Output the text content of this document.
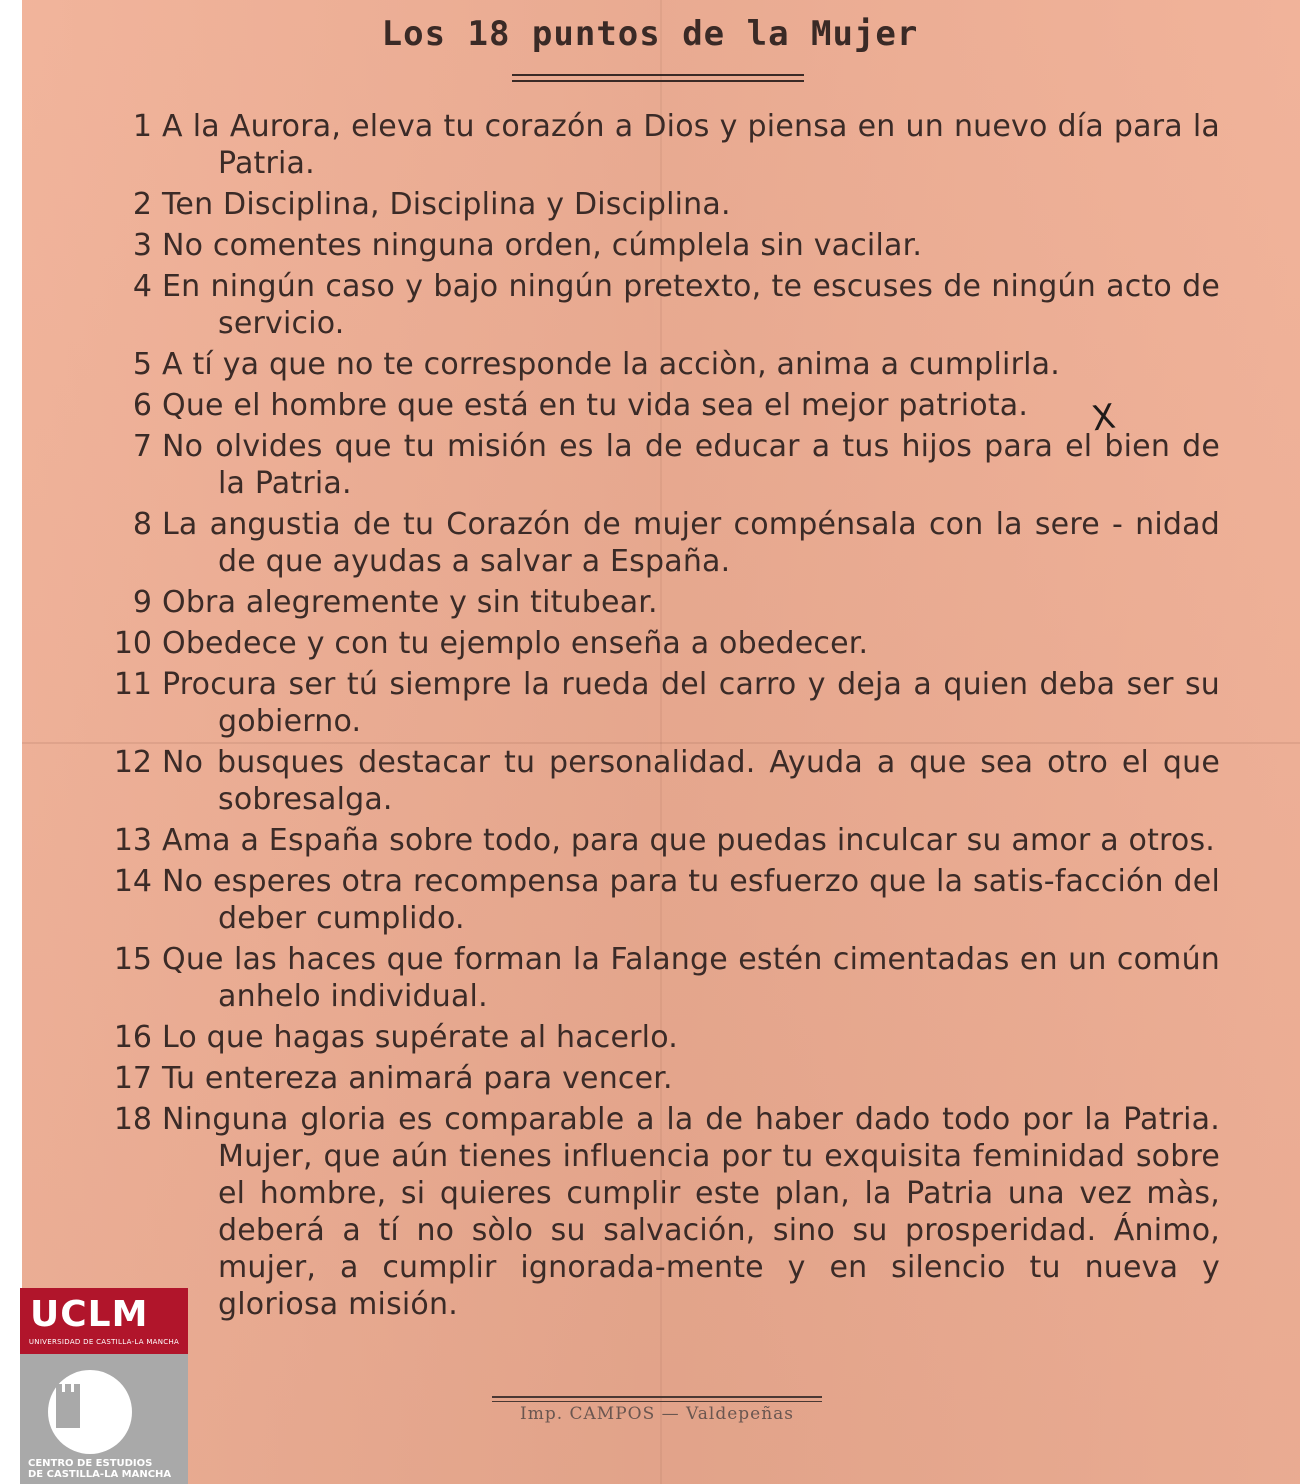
Los 18 puntos de la Mujer
1 A la Aurora, eleva tu corazón a Dios y piensa en un nuevo día para la Patria.
2 Ten Disciplina, Disciplina y Disciplina.
3 No comentes ninguna orden, cúmplela sin vacilar.
4 En ningún caso y bajo ningún pretexto, te escuses de ningún acto de servicio.
5 A tí ya que no te corresponde la acciòn, anima a cumplirla.
6 Que el hombre que está en tu vida sea el mejor patriota.
7 No olvides que tu misión es la de educar a tus hijos para el bien de la Patria.
8 La angustia de tu Corazón de mujer compénsala con la sere - nidad de que ayudas a salvar a España.
9 Obra alegremente y sin titubear.
10 Obedece y con tu ejemplo enseña a obedecer.
11 Procura ser tú siempre la rueda del carro y deja a quien deba ser su gobierno.
12 No busques destacar tu personalidad. Ayuda a que sea otro el que sobresalga.
13 Ama a España sobre todo, para que puedas inculcar su amor a otros.
14 No esperes otra recompensa para tu esfuerzo que la satis-facción del deber cumplido.
15 Que las haces que forman la Falange estén cimentadas en un común anhelo individual.
16 Lo que hagas supérate al hacerlo.
17 Tu entereza animará para vencer.
18 Ninguna gloria es comparable a la de haber dado todo por la Patria. Mujer, que aún tienes influencia por tu exquisita feminidad sobre el hombre, si quieres cumplir este plan, la Patria una vez màs, deberá a tí no sòlo su salvación, sino su prosperidad. Ánimo, mujer, a cumplir ignorada-mente y en silencio tu nueva y gloriosa misión.
X
Imp. CAMPOS — Valdepeñas
UCLM
UNIVERSIDAD DE CASTILLA-LA MANCHA
CENTRO DE ESTUDIOS
DE CASTILLA-LA MANCHA
